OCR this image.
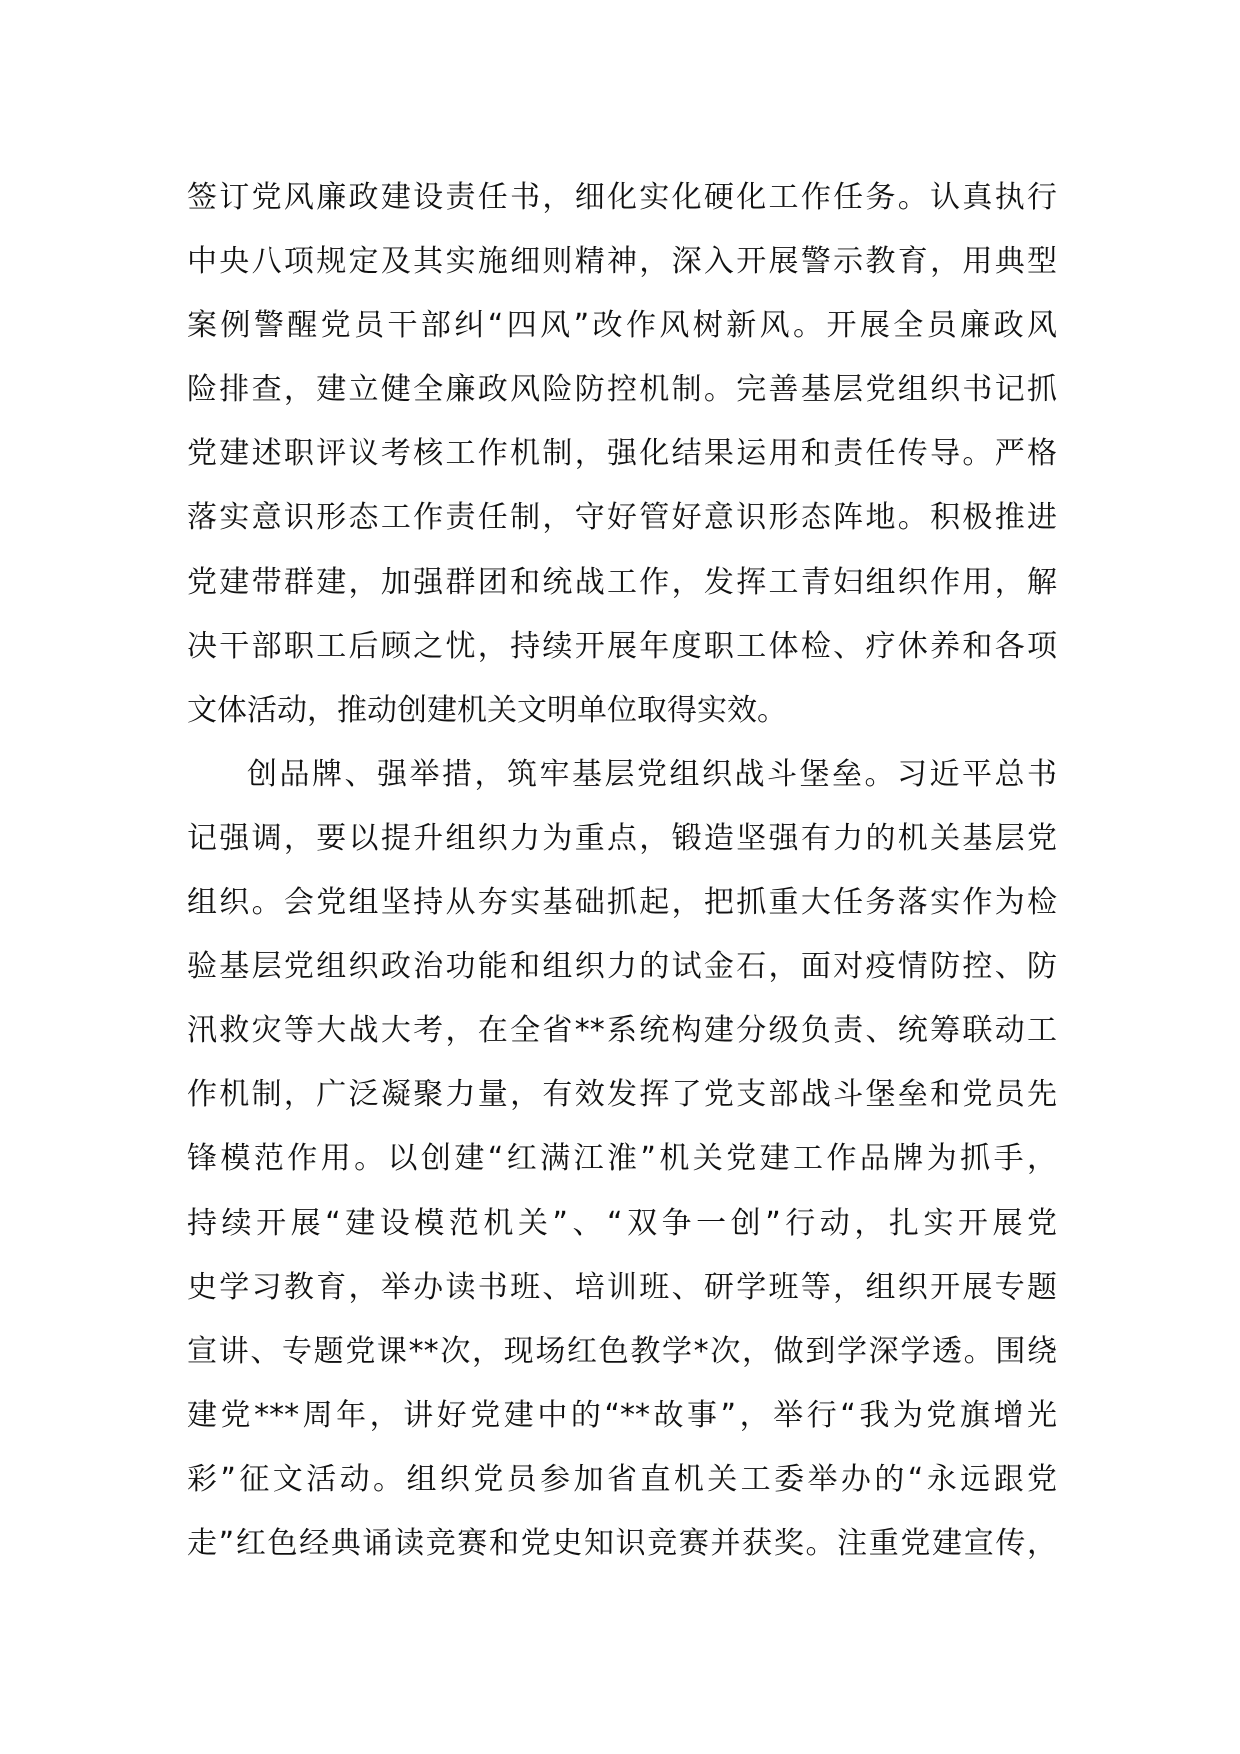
签订党风廉政建设责任书，细化实化硬化工作任务。认真执行
中央八项规定及其实施细则精神，深入开展警示教育，用典型
案例警醒党员干部纠“四风”改作风树新风。开展全员廉政风
险排查，建立健全廉政风险防控机制。完善基层党组织书记抓
党建述职评议考核工作机制，强化结果运用和责任传导。严格
落实意识形态工作责任制，守好管好意识形态阵地。积极推进
党建带群建，加强群团和统战工作，发挥工青妇组织作用，解
决干部职工后顾之忧，持续开展年度职工体检、疗休养和各项
文体活动，推动创建机关文明单位取得实效。
创品牌、强举措，筑牢基层党组织战斗堡垒。习近平总书
记强调，要以提升组织力为重点，锻造坚强有力的机关基层党
组织。会党组坚持从夯实基础抓起，把抓重大任务落实作为检
验基层党组织政治功能和组织力的试金石，面对疫情防控、防
汛救灾等大战大考，在全省**系统构建分级负责、统筹联动工
作机制，广泛凝聚力量，有效发挥了党支部战斗堡垒和党员先
锋模范作用。以创建“红满江淮”机关党建工作品牌为抓手，
持续开展“建设模范机关”、“双争一创”行动，扎实开展党
史学习教育，举办读书班、培训班、研学班等，组织开展专题
宣讲、专题党课**次，现场红色教学*次，做到学深学透。围绕
建党***周年，讲好党建中的“**故事”，举行“我为党旗增光
彩”征文活动。组织党员参加省直机关工委举办的“永远跟党
走”红色经典诵读竞赛和党史知识竞赛并获奖。注重党建宣传，
